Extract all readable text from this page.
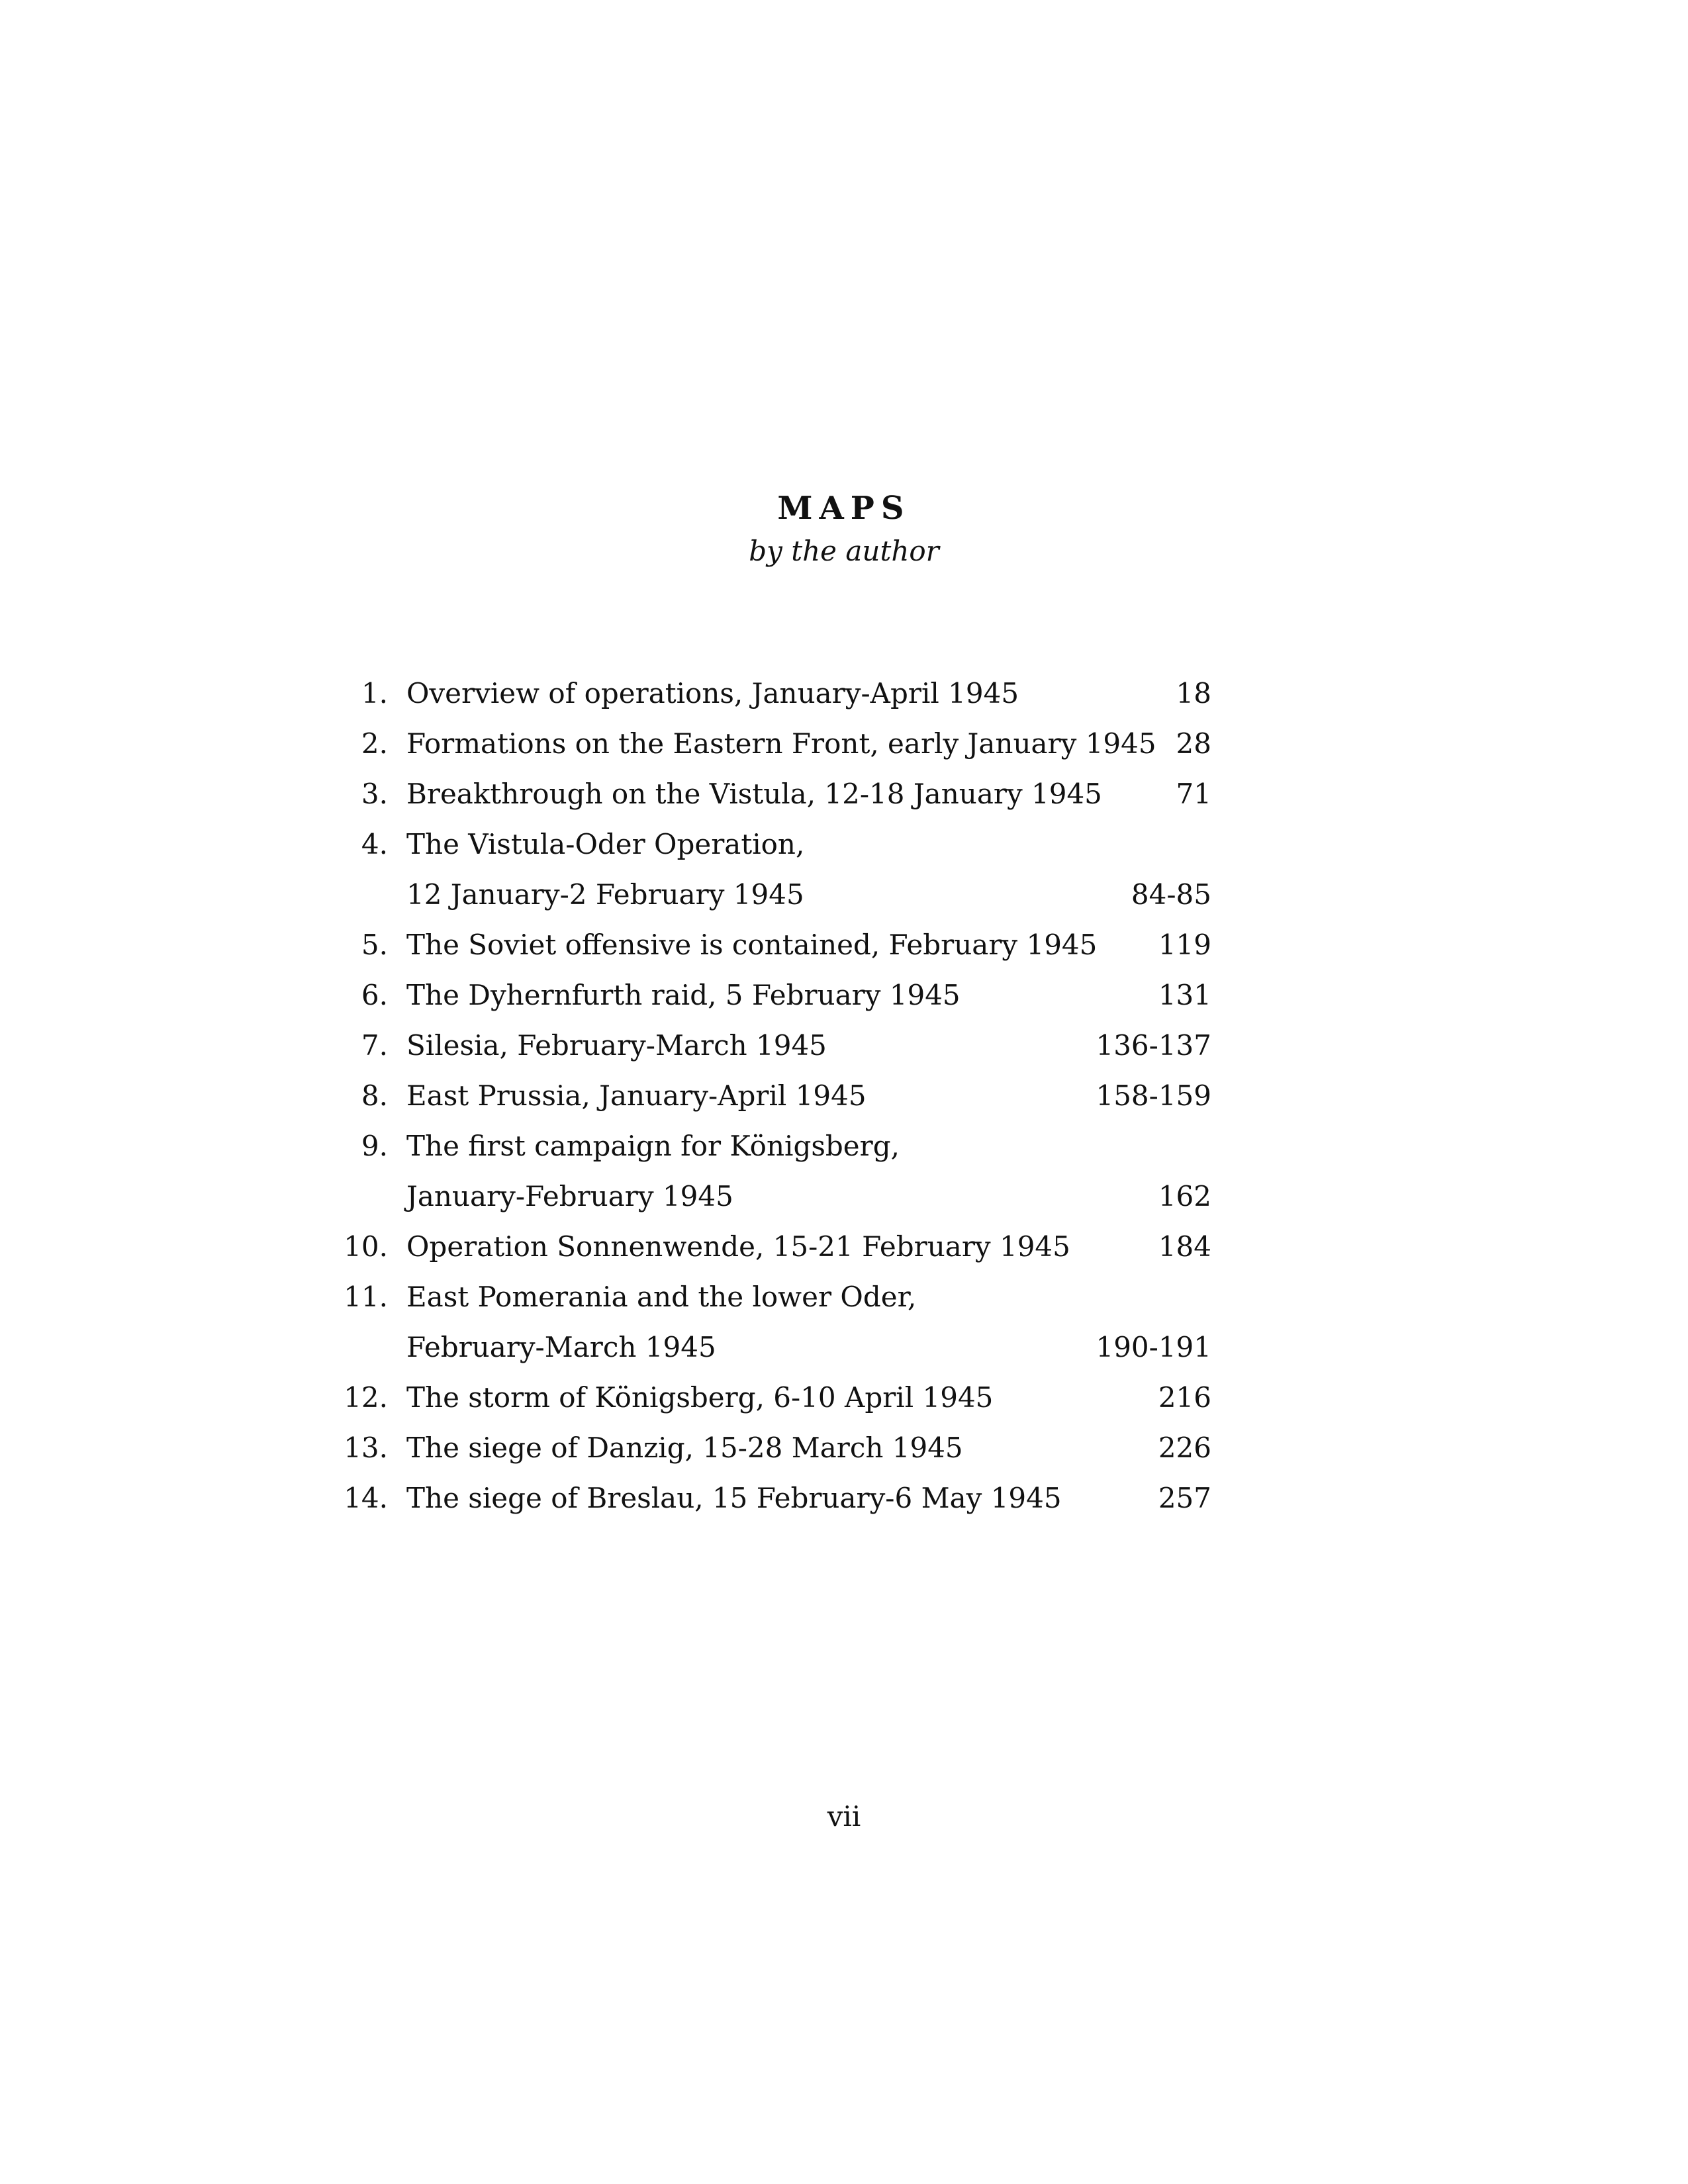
MAPS
by the author
1. Overview of operations, January-April 1945	18
2. Formations on the Eastern Front, early January 1945 28
3. Breakthrough on the Vistula, 12-18 January 1945	71
4. The Vistula-Oder Operation,
12 January-2 February 1945	84-85
5. The Soviet offensive is contained, February 1945 119
6. The Dyhernfurth raid, 5 February 1945	131
7. Silesia, February-March 1945	136-137
8. East Prussia, January-April 1945	158-159
9. The first campaign for Königsberg,
January-February 1945	162
10. Operation Sonnenwende, 15-21 February 1945	184
11. East Pomerania and the lower Oder,
February-March 1945	190-191
12. The storm of Königsberg, 6-10 April 1945	216
13. The siege of Danzig, 15-28 March 1945	226
14. The siege of Breslau, 15 February-6 May 1945	257
vii
